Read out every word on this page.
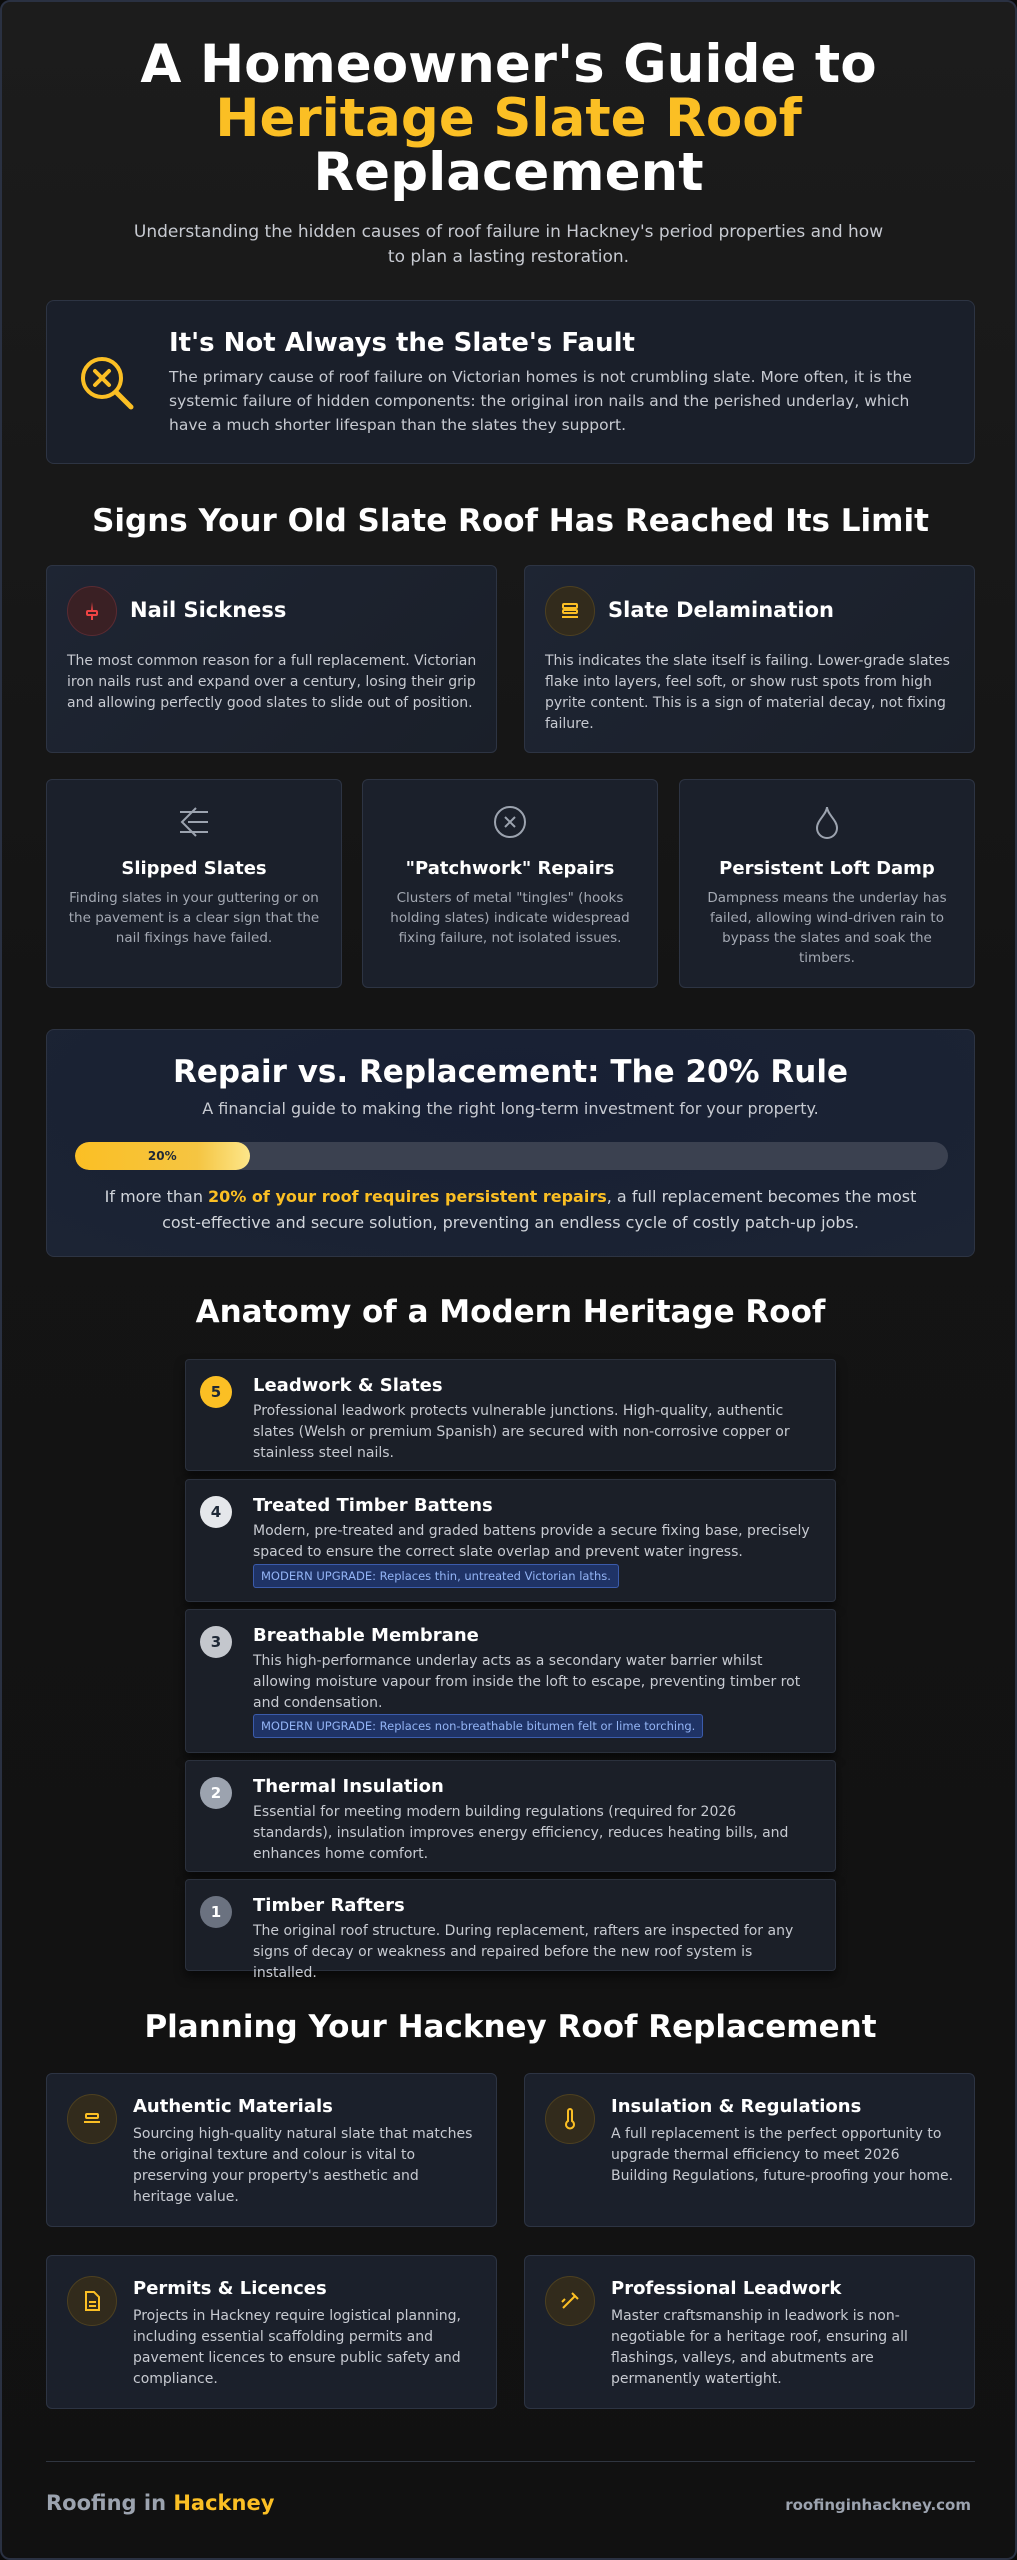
A Homeowner's Guide to
Heritage Slate Roof
Replacement

Understanding the hidden causes of roof failure in Hackney's period properties and how to plan a lasting restoration.

It's Not Always the Slate's Fault

The primary cause of roof failure on Victorian homes is not crumbling slate. More often, it is the systemic failure of hidden components: the original iron nails and the perished underlay, which have a much shorter lifespan than the slates they support.

Signs Your Old Slate Roof Has Reached Its Limit
Nail Sickness

The most common reason for a full replacement. Victorian iron nails rust and expand over a century, losing their grip and allowing perfectly good slates to slide out of position.

Slate Delamination

This indicates the slate itself is failing. Lower-grade slates flake into layers, feel soft, or show rust spots from high pyrite content. This is a sign of material decay, not fixing failure.

Slipped Slates

Finding slates in your guttering or on the pavement is a clear sign that the nail fixings have failed.

"Patchwork" Repairs

Clusters of metal "tingles" (hooks holding slates) indicate widespread fixing failure, not isolated issues.

Persistent Loft Damp

Dampness means the underlay has failed, allowing wind-driven rain to bypass the slates and soak the timbers.

Repair vs. Replacement: The 20% Rule
A financial guide to making the right long-term investment for your property.
20%

If more than 20% of your roof requires persistent repairs, a full replacement becomes the most cost-effective and secure solution, preventing an endless cycle of costly patch-up jobs.

Anatomy of a Modern Heritage Roof
5	Leadwork & Slates

Professional leadwork protects vulnerable junctions. High-quality, authentic slates (Welsh or premium Spanish) are secured with non-corrosive copper or stainless steel nails.

4	Treated Timber Battens

Modern, pre-treated and graded battens provide a secure fixing base, precisely spaced to ensure the correct slate overlap and prevent water ingress.

MODERN UPGRADE: Replaces thin, untreated Victorian laths.
3	Breathable Membrane

This high-performance underlay acts as a secondary water barrier whilst allowing moisture vapour from inside the loft to escape, preventing timber rot and condensation.

MODERN UPGRADE: Replaces non-breathable bitumen felt or lime torching.
2	Thermal Insulation

Essential for meeting modern building regulations (required for 2026 standards), insulation improves energy efficiency, reduces heating bills, and enhances home comfort.

1	Timber Rafters

The original roof structure. During replacement, rafters are inspected for any signs of decay or weakness and repaired before the new roof system is installed.

Planning Your Hackney Roof Replacement
Authentic Materials

Sourcing high-quality natural slate that matches the original texture and colour is vital to preserving your property's aesthetic and heritage value.

Insulation & Regulations

A full replacement is the perfect opportunity to upgrade thermal efficiency to meet 2026 Building Regulations, future-proofing your home.

Permits & Licences

Projects in Hackney require logistical planning, including essential scaffolding permits and pavement licences to ensure public safety and compliance.

Professional Leadwork

Master craftsmanship in leadwork is non-negotiable for a heritage roof, ensuring all flashings, valleys, and abutments are permanently watertight.

Roofing in Hackney	roofinginhackney.com
